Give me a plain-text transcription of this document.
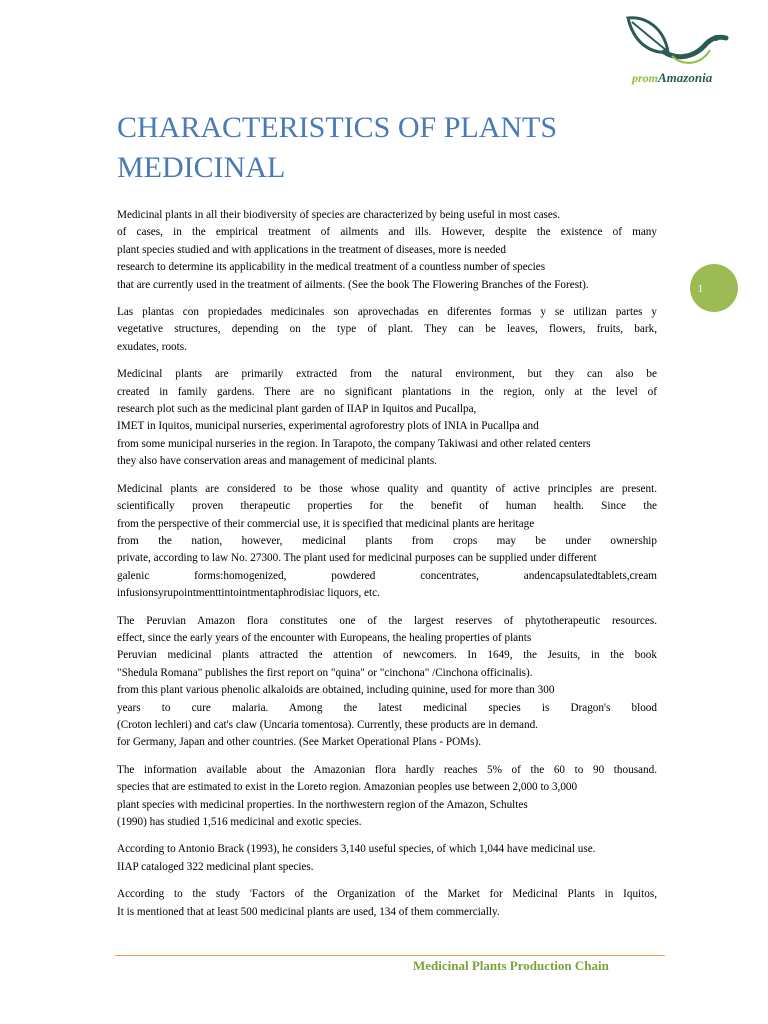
promAmazonia
CHARACTERISTICS OF PLANTS
MEDICINAL
1

Medicinal plants in all their biodiversity of species are characterized by being useful in most cases.
of cases, in the empirical treatment of ailments and ills. However, despite the existence of many
plant species studied and with applications in the treatment of diseases, more is needed
research to determine its applicability in the medical treatment of a countless number of species
that are currently used in the treatment of ailments. (See the book The Flowering Branches of the Forest).

Las plantas con propiedades medicinales son aprovechadas en diferentes formas y se utilizan partes y
vegetative structures, depending on the type of plant. They can be leaves, flowers, fruits, bark,
exudates, roots.

Medicinal plants are primarily extracted from the natural environment, but they can also be
created in family gardens. There are no significant plantations in the region, only at the level of
research plot such as the medicinal plant garden of IIAP in Iquitos and Pucallpa,
IMET in Iquitos, municipal nurseries, experimental agroforestry plots of INIA in Pucallpa and
from some municipal nurseries in the region. In Tarapoto, the company Takiwasi and other related centers
they also have conservation areas and management of medicinal plants.

Medicinal plants are considered to be those whose quality and quantity of active principles are present.
scientifically proven therapeutic properties for the benefit of human health. Since the
from the perspective of their commercial use, it is specified that medicinal plants are heritage
from the nation, however, medicinal plants from crops may be under ownership
private, according to law No. 27300. The plant used for medicinal purposes can be supplied under different
galenic forms:homogenized, powdered concentrates, andencapsulatedtablets,cream
infusionsyrupointmenttintointmentaphrodisiac liquors, etc.

The Peruvian Amazon flora constitutes one of the largest reserves of phytotherapeutic resources.
effect, since the early years of the encounter with Europeans, the healing properties of plants
Peruvian medicinal plants attracted the attention of newcomers. In 1649, the Jesuits, in the book
"Shedula Romana" publishes the first report on "quina" or "cinchona" /Cinchona officinalis).
from this plant various phenolic alkaloids are obtained, including quinine, used for more than 300
years to cure malaria. Among the latest medicinal species is Dragon's blood
(Croton lechleri) and cat's claw (Uncaria tomentosa). Currently, these products are in demand.
for Germany, Japan and other countries. (See Market Operational Plans - POMs).

The information available about the Amazonian flora hardly reaches 5% of the 60 to 90 thousand.
species that are estimated to exist in the Loreto region. Amazonian peoples use between 2,000 to 3,000
plant species with medicinal properties. In the northwestern region of the Amazon, Schultes
(1990) has studied 1,516 medicinal and exotic species.

According to Antonio Brack (1993), he considers 3,140 useful species, of which 1,044 have medicinal use.
IIAP cataloged 322 medicinal plant species.

According to the study 'Factors of the Organization of the Market for Medicinal Plants in Iquitos,
It is mentioned that at least 500 medicinal plants are used, 134 of them commercially.

Medicinal Plants Production Chain
